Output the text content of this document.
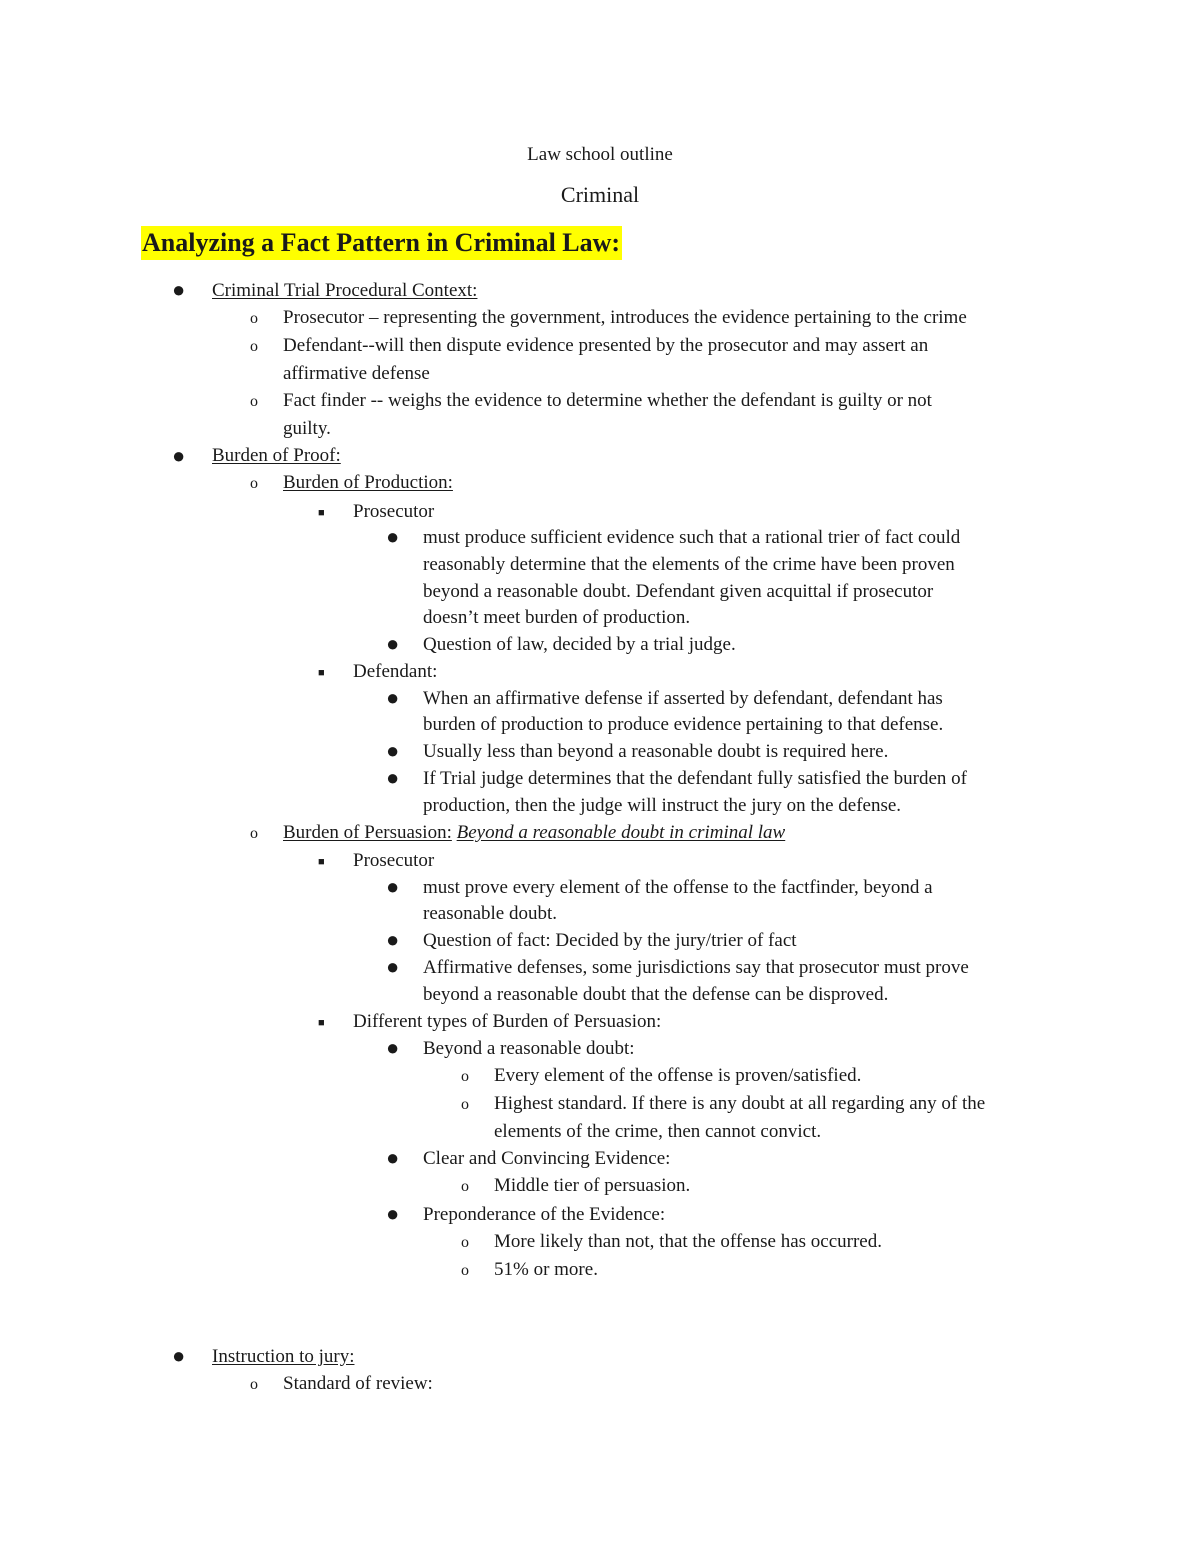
Law school outline
Criminal
Analyzing a Fact Pattern in Criminal Law:
● Criminal Trial Procedural Context:
o Prosecutor – representing the government, introduces the evidence pertaining to the crime
o Defendant--will then dispute evidence presented by the prosecutor and may assert an
affirmative defense
o Fact finder -- weighs the evidence to determine whether the defendant is guilty or not
guilty.
● Burden of Proof:
o Burden of Production:
■ Prosecutor
● must produce sufficient evidence such that a rational trier of fact could
reasonably determine that the elements of the crime have been proven
beyond a reasonable doubt. Defendant given acquittal if prosecutor
doesn’t meet burden of production.
● Question of law, decided by a trial judge.
■ Defendant:
● When an affirmative defense if asserted by defendant, defendant has
burden of production to produce evidence pertaining to that defense.
● Usually less than beyond a reasonable doubt is required here.
● If Trial judge determines that the defendant fully satisfied the burden of
production, then the judge will instruct the jury on the defense.
o Burden of Persuasion: Beyond a reasonable doubt in criminal law
■ Prosecutor
● must prove every element of the offense to the factfinder, beyond a
reasonable doubt.
● Question of fact: Decided by the jury/trier of fact
● Affirmative defenses, some jurisdictions say that prosecutor must prove
beyond a reasonable doubt that the defense can be disproved.
■ Different types of Burden of Persuasion:
● Beyond a reasonable doubt:
o Every element of the offense is proven/satisfied.
o Highest standard. If there is any doubt at all regarding any of the
elements of the crime, then cannot convict.
● Clear and Convincing Evidence:
o Middle tier of persuasion.
● Preponderance of the Evidence:
o More likely than not, that the offense has occurred.
o 51% or more.
● Instruction to jury:
o Standard of review:
